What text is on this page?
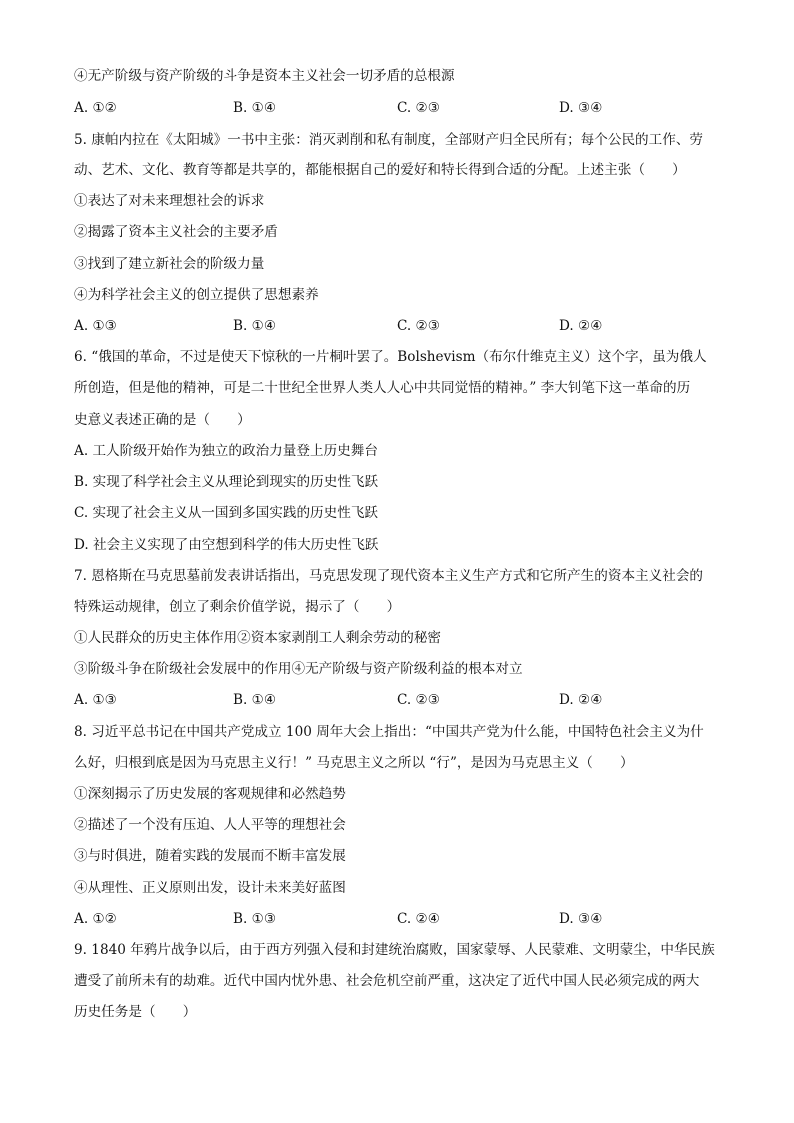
④无产阶级与资产阶级的斗争是资本主义社会一切矛盾的总根源
A. ①②	B. ①④	C. ②③	D. ③④
5. 康帕内拉在《太阳城》一书中主张：消灭剥削和私有制度，全部财产归全民所有；每个公民的工作、劳
动、艺术、文化、教育等都是共享的，都能根据自己的爱好和特长得到合适的分配。上述主张（　　）
①表达了对未来理想社会的诉求
②揭露了资本主义社会的主要矛盾
③找到了建立新社会的阶级力量
④为科学社会主义的创立提供了思想素养
A. ①③	B. ①④	C. ②③	D. ②④
6. “俄国的革命，不过是使天下惊秋的一片桐叶罢了。Bolshevism（布尔什维克主义）这个字，虽为俄人
所创造，但是他的精神，可是二十世纪全世界人类人人心中共同觉悟的精神。” 李大钊笔下这一革命的历
史意义表述正确的是（　　）
A. 工人阶级开始作为独立的政治力量登上历史舞台
B. 实现了科学社会主义从理论到现实的历史性飞跃
C. 实现了社会主义从一国到多国实践的历史性飞跃
D. 社会主义实现了由空想到科学的伟大历史性飞跃
7. 恩格斯在马克思墓前发表讲话指出，马克思发现了现代资本主义生产方式和它所产生的资本主义社会的
特殊运动规律，创立了剩余价值学说，揭示了（　　）
①人民群众的历史主体作用②资本家剥削工人剩余劳动的秘密
③阶级斗争在阶级社会发展中的作用④无产阶级与资产阶级利益的根本对立
A. ①③	B. ①④	C. ②③	D. ②④
8. 习近平总书记在中国共产党成立 100 周年大会上指出：“中国共产党为什么能，中国特色社会主义为什
么好，归根到底是因为马克思主义行！” 马克思主义之所以 “行”，是因为马克思主义（　　）
①深刻揭示了历史发展的客观规律和必然趋势
②描述了一个没有压迫、人人平等的理想社会
③与时俱进，随着实践的发展而不断丰富发展
④从理性、正义原则出发，设计未来美好蓝图
A. ①②	B. ①③	C. ②④	D. ③④
9. 1840 年鸦片战争以后，由于西方列强入侵和封建统治腐败，国家蒙辱、人民蒙难、文明蒙尘，中华民族
遭受了前所未有的劫难。近代中国内忧外患、社会危机空前严重，这决定了近代中国人民必须完成的两大
历史任务是（　　）
